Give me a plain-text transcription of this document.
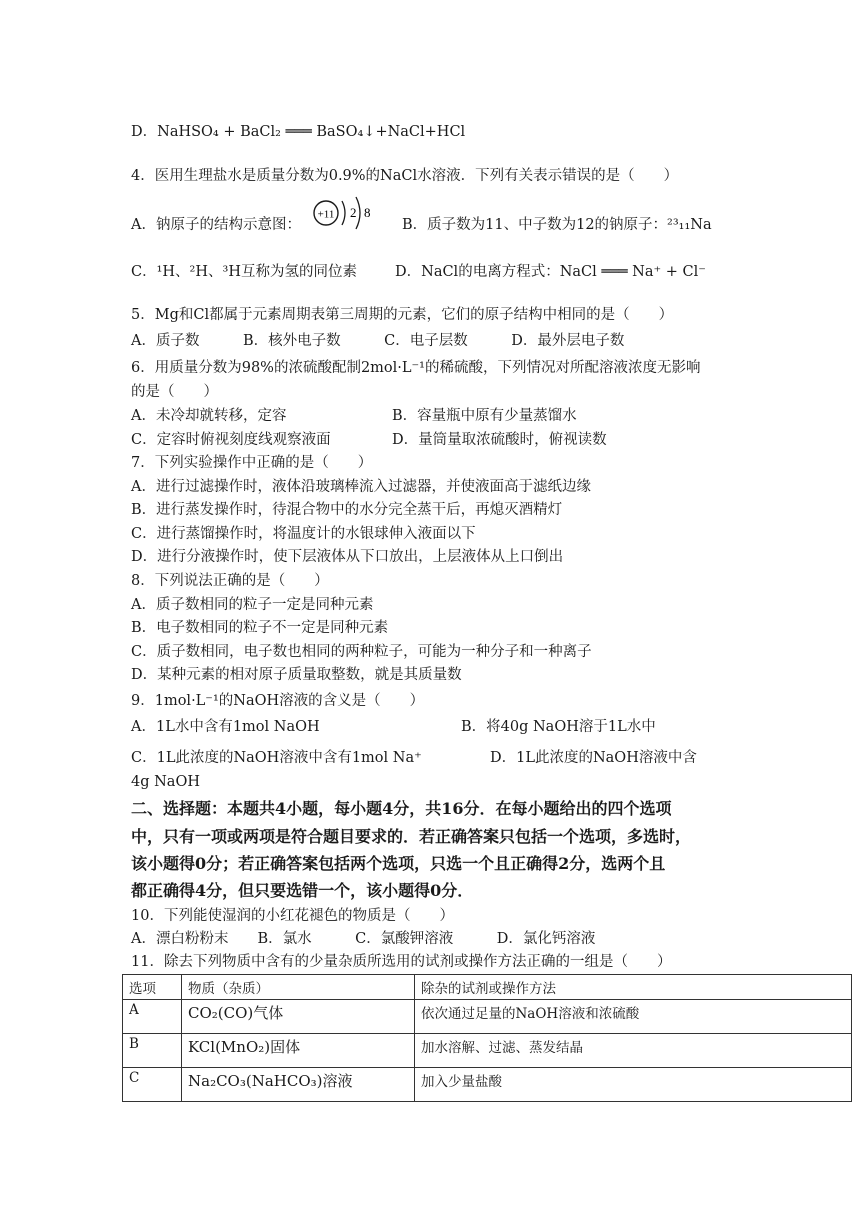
D．NaHSO₄ + BaCl₂ ═══ BaSO₄↓+NaCl+HCl
4．医用生理盐水是质量分数为0.9%的NaCl水溶液．下列有关表示错误的是（　　）
A．钠原子的结构示意图：
+11 2 8
B．质子数为11、中子数为12的钠原子：²³₁₁Na
C．¹H、²H、³H互称为氢的同位素	D．NaCl的电离方程式：NaCl ═══ Na⁺ + Cl⁻
5．Mg和Cl都属于元素周期表第三周期的元素，它们的原子结构中相同的是（　　）
A．质子数　　　B．核外电子数　　　C．电子层数　　　D．最外层电子数
6．用质量分数为98%的浓硫酸配制2mol·L⁻¹的稀硫酸，下列情况对所配溶液浓度无影响
的是（　　）
A．未冷却就转移，定容	B．容量瓶中原有少量蒸馏水
C．定容时俯视刻度线观察液面	D．量筒量取浓硫酸时，俯视读数
7．下列实验操作中正确的是（　　）
A．进行过滤操作时，液体沿玻璃棒流入过滤器，并使液面高于滤纸边缘
B．进行蒸发操作时，待混合物中的水分完全蒸干后，再熄灭酒精灯
C．进行蒸馏操作时，将温度计的水银球伸入液面以下
D．进行分液操作时，使下层液体从下口放出，上层液体从上口倒出
8．下列说法正确的是（　　）
A．质子数相同的粒子一定是同种元素
B．电子数相同的粒子不一定是同种元素
C．质子数相同，电子数也相同的两种粒子，可能为一种分子和一种离子
D．某种元素的相对原子质量取整数，就是其质量数
9．1mol·L⁻¹的NaOH溶液的含义是（　　）
A．1L水中含有1mol NaOH	B．将40g NaOH溶于1L水中
C．1L此浓度的NaOH溶液中含有1mol Na⁺	D．1L此浓度的NaOH溶液中含
4g NaOH
二、选择题：本题共4小题，每小题4分，共16分．在每小题给出的四个选项
中，只有一项或两项是符合题目要求的．若正确答案只包括一个选项，多选时，
该小题得0分；若正确答案包括两个选项，只选一个且正确得2分，选两个且
都正确得4分，但只要选错一个，该小题得0分．
10．下列能使湿润的小红花褪色的物质是（　　）
A．漂白粉粉末　　B．氯水　　　C．氯酸钾溶液　　　D．氯化钙溶液
11．除去下列物质中含有的少量杂质所选用的试剂或操作方法正确的一组是（　　）
选项	物质（杂质）	除杂的试剂或操作方法
A	CO₂(CO)气体	依次通过足量的NaOH溶液和浓硫酸
B	KCl(MnO₂)固体	加水溶解、过滤、蒸发结晶
C	Na₂CO₃(NaHCO₃)溶液	加入少量盐酸
